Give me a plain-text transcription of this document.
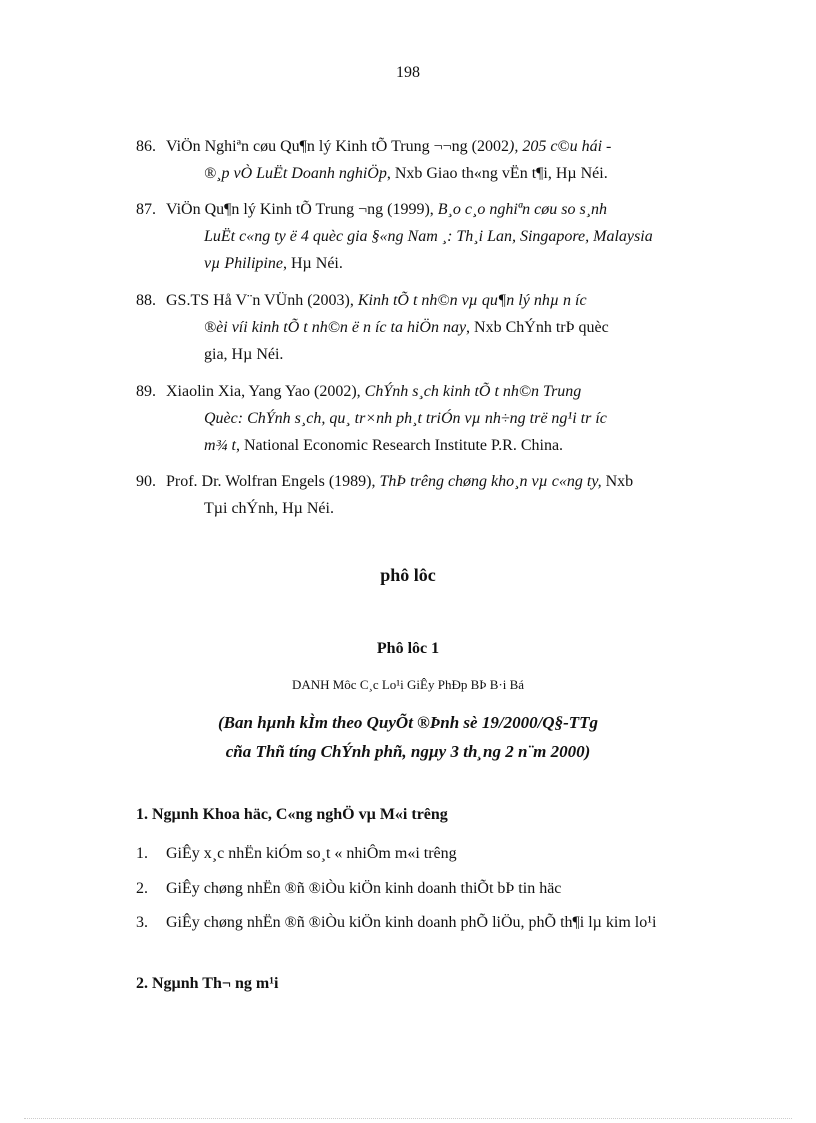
198
86. ViÖn Nghiªn cøu Qu¶n lý Kinh tÕ Trung ¬¬ng (2002), 205 c©u hái -
®¸p vÒ LuËt Doanh nghiÖp, Nxb Giao th«ng vËn t¶i, Hµ Néi.
87. ViÖn Qu¶n lý Kinh tÕ Trung ¬ng (1999), B¸o c¸o nghiªn cøu so s¸nh
LuËt c«ng ty ë 4 quèc gia §«ng Nam ¸: Th¸i Lan, Singapore, Malaysia
vµ Philipine, Hµ Néi.
88. GS.TS Hå V¨n VÜnh (2003), Kinh tÕ t nh©n vµ qu¶n lý nhµ n íc
®èi víi kinh tÕ t nh©n ë n íc ta hiÖn nay, Nxb ChÝnh trÞ quèc
gia, Hµ Néi.
89. Xiaolin Xia, Yang Yao (2002), ChÝnh s¸ch kinh tÕ t nh©n Trung
Quèc: ChÝnh s¸ch, qu¸ tr×nh ph¸t triÓn vµ nh÷ng trë ng¹i tr íc
m¾ t, National Economic Research Institute P.R. China.
90. Prof. Dr. Wolfran Engels (1989), ThÞ trêng chøng kho¸n vµ c«ng ty, Nxb
Tµi chÝnh, Hµ Néi.
phô lôc
Phô lôc 1
DANH Môc C¸c Lo¹i GiÊy PhÐp BÞ B·i Bá
(Ban hµnh kÌm theo QuyÕt ®Þnh sè 19/2000/Q§-TTg
cña Thñ tíng ChÝnh phñ, ngµy 3 th¸ng 2 n¨m 2000)
1. Ngµnh Khoa häc, C«ng nghÖ vµ M«i trêng
1. GiÊy x¸c nhËn kiÓm so¸t « nhiÔm m«i trêng
2. GiÊy chøng nhËn ®ñ ®iÒu kiÖn kinh doanh thiÕt bÞ tin häc
3. GiÊy chøng nhËn ®ñ ®iÒu kiÖn kinh doanh phÕ liÖu, phÕ th¶i lµ kim lo¹i
2. Ngµnh Th¬ ng m¹i
